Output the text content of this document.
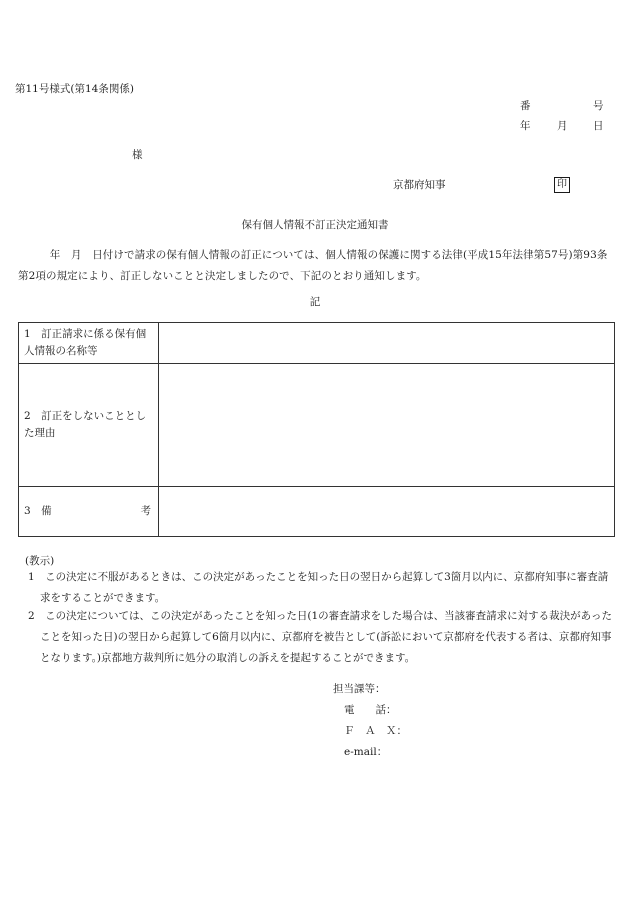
第11号様式(第14条関係)
番	号
年	月 日
様
京都府知事	印
保有個人情報不訂正決定通知書
　　　年　月　日付けで請求の保有個人情報の訂正については、個人情報の保護に関する法律(平成15年法律第57号)第93条第2項の規定により、訂正しないことと決定しましたので、下記のとおり通知します。
記
1　訂正請求に係る保有個人情報の名称等	
2　訂正をしないこととした理由	

3　備 考	

(教示)
1　この決定に不服があるときは、この決定があったことを知った日の翌日から起算して3箇月以内に、京都府知事に審査請求をすることができます。
2　この決定については、この決定があったことを知った日(1の審査請求をした場合は、当該審査請求に対する裁決があったことを知った日)の翌日から起算して6箇月以内に、京都府を被告として(訴訟において京都府を代表する者は、京都府知事となります。)京都地方裁判所に処分の取消しの訴えを提起することができます。
担当課等：
電　　話：
Ｆ　Ａ　Ｘ：
e-mail：
